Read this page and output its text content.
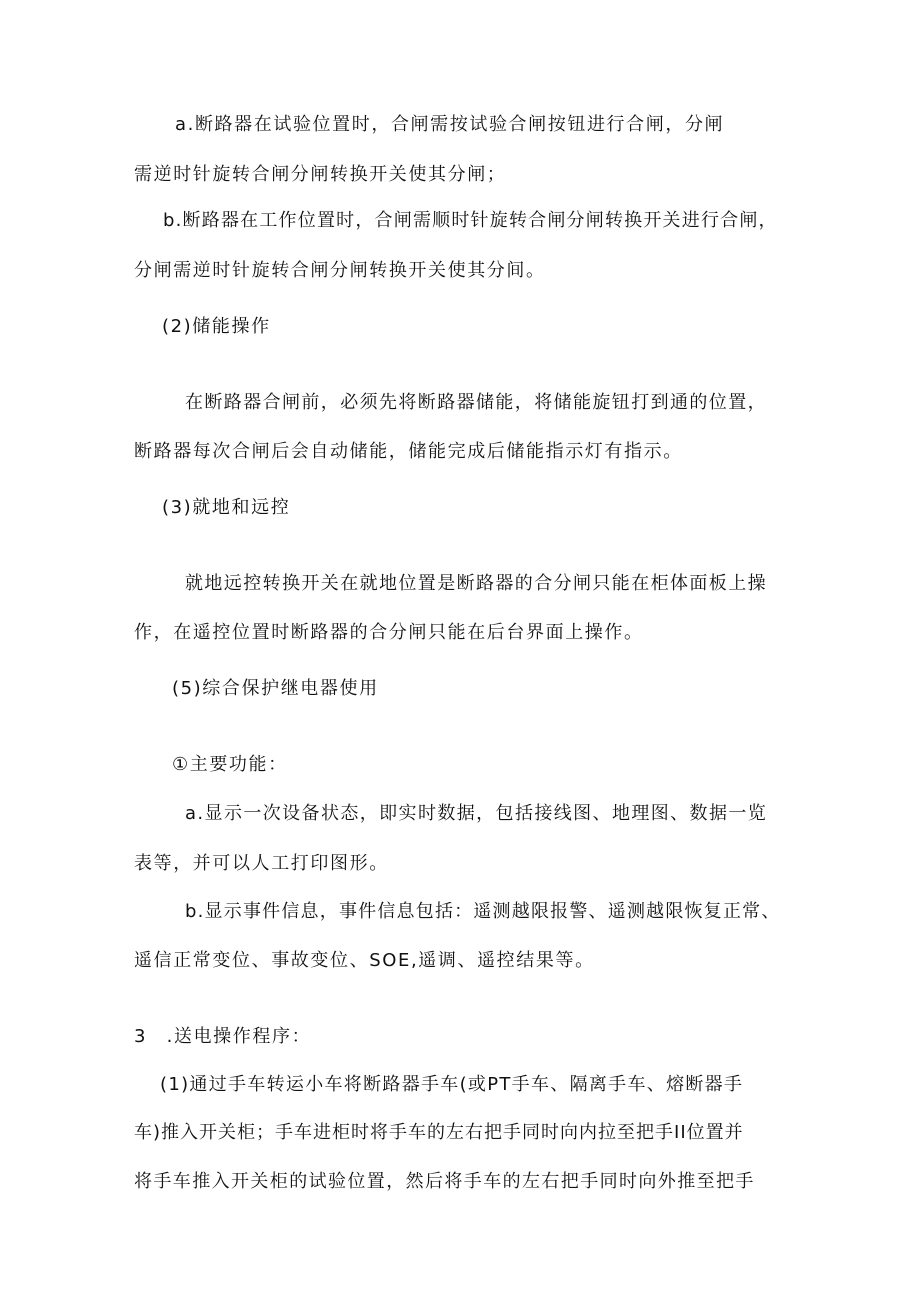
a.断路器在试验位置时，合闸需按试验合闸按钮进行合闸，分闸
需逆时针旋转合闸分闸转换开关使其分闸；
b.断路器在工作位置时，合闸需顺时针旋转合闸分闸转换开关进行合闸，
分闸需逆时针旋转合闸分闸转换开关使其分间。
(2)储能操作
在断路器合闸前，必须先将断路器储能，将储能旋钮打到通的位置，
断路器每次合闸后会自动储能，储能完成后储能指示灯有指示。
(3)就地和远控
就地远控转换开关在就地位置是断路器的合分闸只能在柜体面板上操
作，在遥控位置时断路器的合分闸只能在后台界面上操作。
(5)综合保护继电器使用
①主要功能：
a.显示一次设备状态，即实时数据，包括接线图、地理图、数据一览
表等，并可以人工打印图形。
b.显示事件信息，事件信息包括：遥测越限报警、遥测越限恢复正常、
遥信正常变位、事故变位、SOE,遥调、遥控结果等。
3　.送电操作程序：
(1)通过手车转运小车将断路器手车(或PT手车、隔离手车、熔断器手
车)推入开关柜；手车进柜时将手车的左右把手同时向内拉至把手II位置并
将手车推入开关柜的试验位置，然后将手车的左右把手同时向外推至把手
